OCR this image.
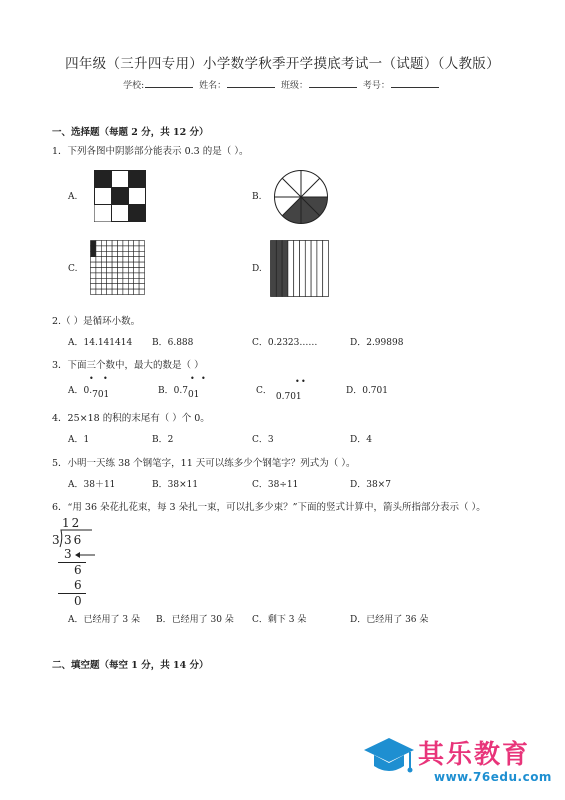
四年级（三升四专用）小学数学秋季开学摸底考试一（试题）（人教版）
学校:	姓名：	班级：	考号：
一、选择题（每题 2 分，共 12 分）
1．下列各图中阴影部分能表示 0.3 的是（ ）。
A.	B.
C.	D.
2.（ ）是循环小数。
A．14.141414 B．6.888	C．0.2323……	D．2.99898
3．下面三个数中，最大的数是（ ）
A．0.701
• •
B．0.701
• •
C．0.701
• •
D．0.701
4．25×18 的积的末尾有（ ）个 0。
A．1	B．2	C．3	D．4
5．小明一天练 38 个钢笔字，11 天可以练多少个钢笔字？列式为（ ）。
A．38＋11	B．38×11	C．38÷11	D．38×7
6．“用 36 朵花扎花束，每 3 朵扎一束，可以扎多少束？”下面的竖式计算中，箭头所指部分表示（ ）。
12
3 36
3
6
6
0
A．已经用了 3 朵 B．已经用了 30 朵 C．剩下 3 朵	D．已经用了 36 朵
二、填空题（每空 1 分，共 14 分）
其乐教育
www.76edu.com
